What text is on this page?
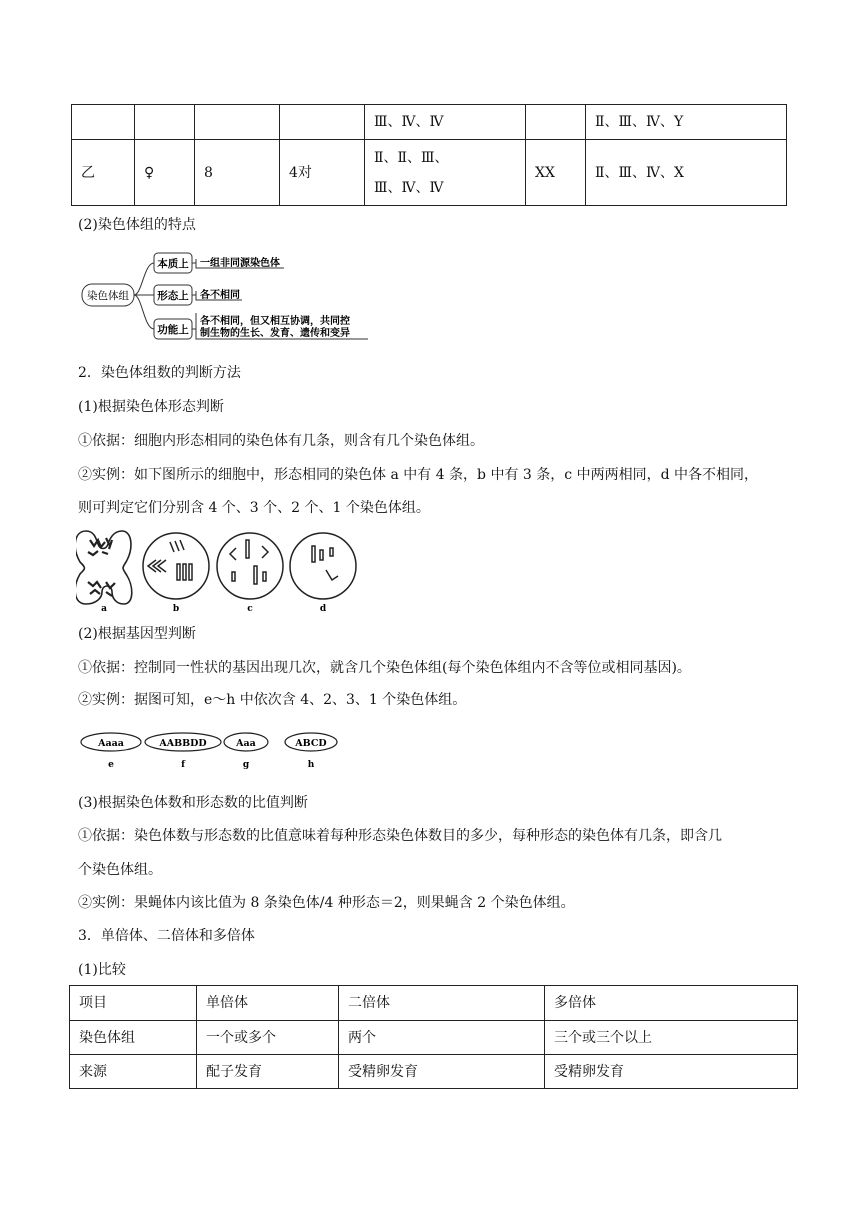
				Ⅲ、Ⅳ、Ⅳ		Ⅱ、Ⅲ、Ⅳ、Y
乙	♀	8	4对	Ⅱ、Ⅱ、Ⅲ、
Ⅲ、Ⅳ、Ⅳ	XX	Ⅱ、Ⅲ、Ⅳ、X
(2)染色体组的特点
染色体组
本质上 一组非同源染色体
形态上 各不相同
功能上
各不相同，但又相互协调，共同控
制生物的生长、发育、遗传和变异
2．染色体组数的判断方法
(1)根据染色体形态判断
①依据：细胞内形态相同的染色体有几条，则含有几个染色体组。
②实例：如下图所示的细胞中，形态相同的染色体 a 中有 4 条，b 中有 3 条，c 中两两相同，d 中各不相同，
则可判定它们分别含 4 个、3 个、2 个、1 个染色体组。
a	b	c	d
(2)根据基因型判断
①依据：控制同一性状的基因出现几次，就含几个染色体组(每个染色体组内不含等位或相同基因)。
②实例：据图可知，e～h 中依次含 4、2、3、1 个染色体组。
Aaaa	AABBDD	Aaa	ABCD
e	f	g	h
(3)根据染色体数和形态数的比值判断
①依据：染色体数与形态数的比值意味着每种形态染色体数目的多少，每种形态的染色体有几条，即含几
个染色体组。
②实例：果蝇体内该比值为 8 条染色体/4 种形态＝2，则果蝇含 2 个染色体组。
3．单倍体、二倍体和多倍体
(1)比较
项目	单倍体	二倍体	多倍体
染色体组	一个或多个	两个	三个或三个以上
来源	配子发育	受精卵发育	受精卵发育
